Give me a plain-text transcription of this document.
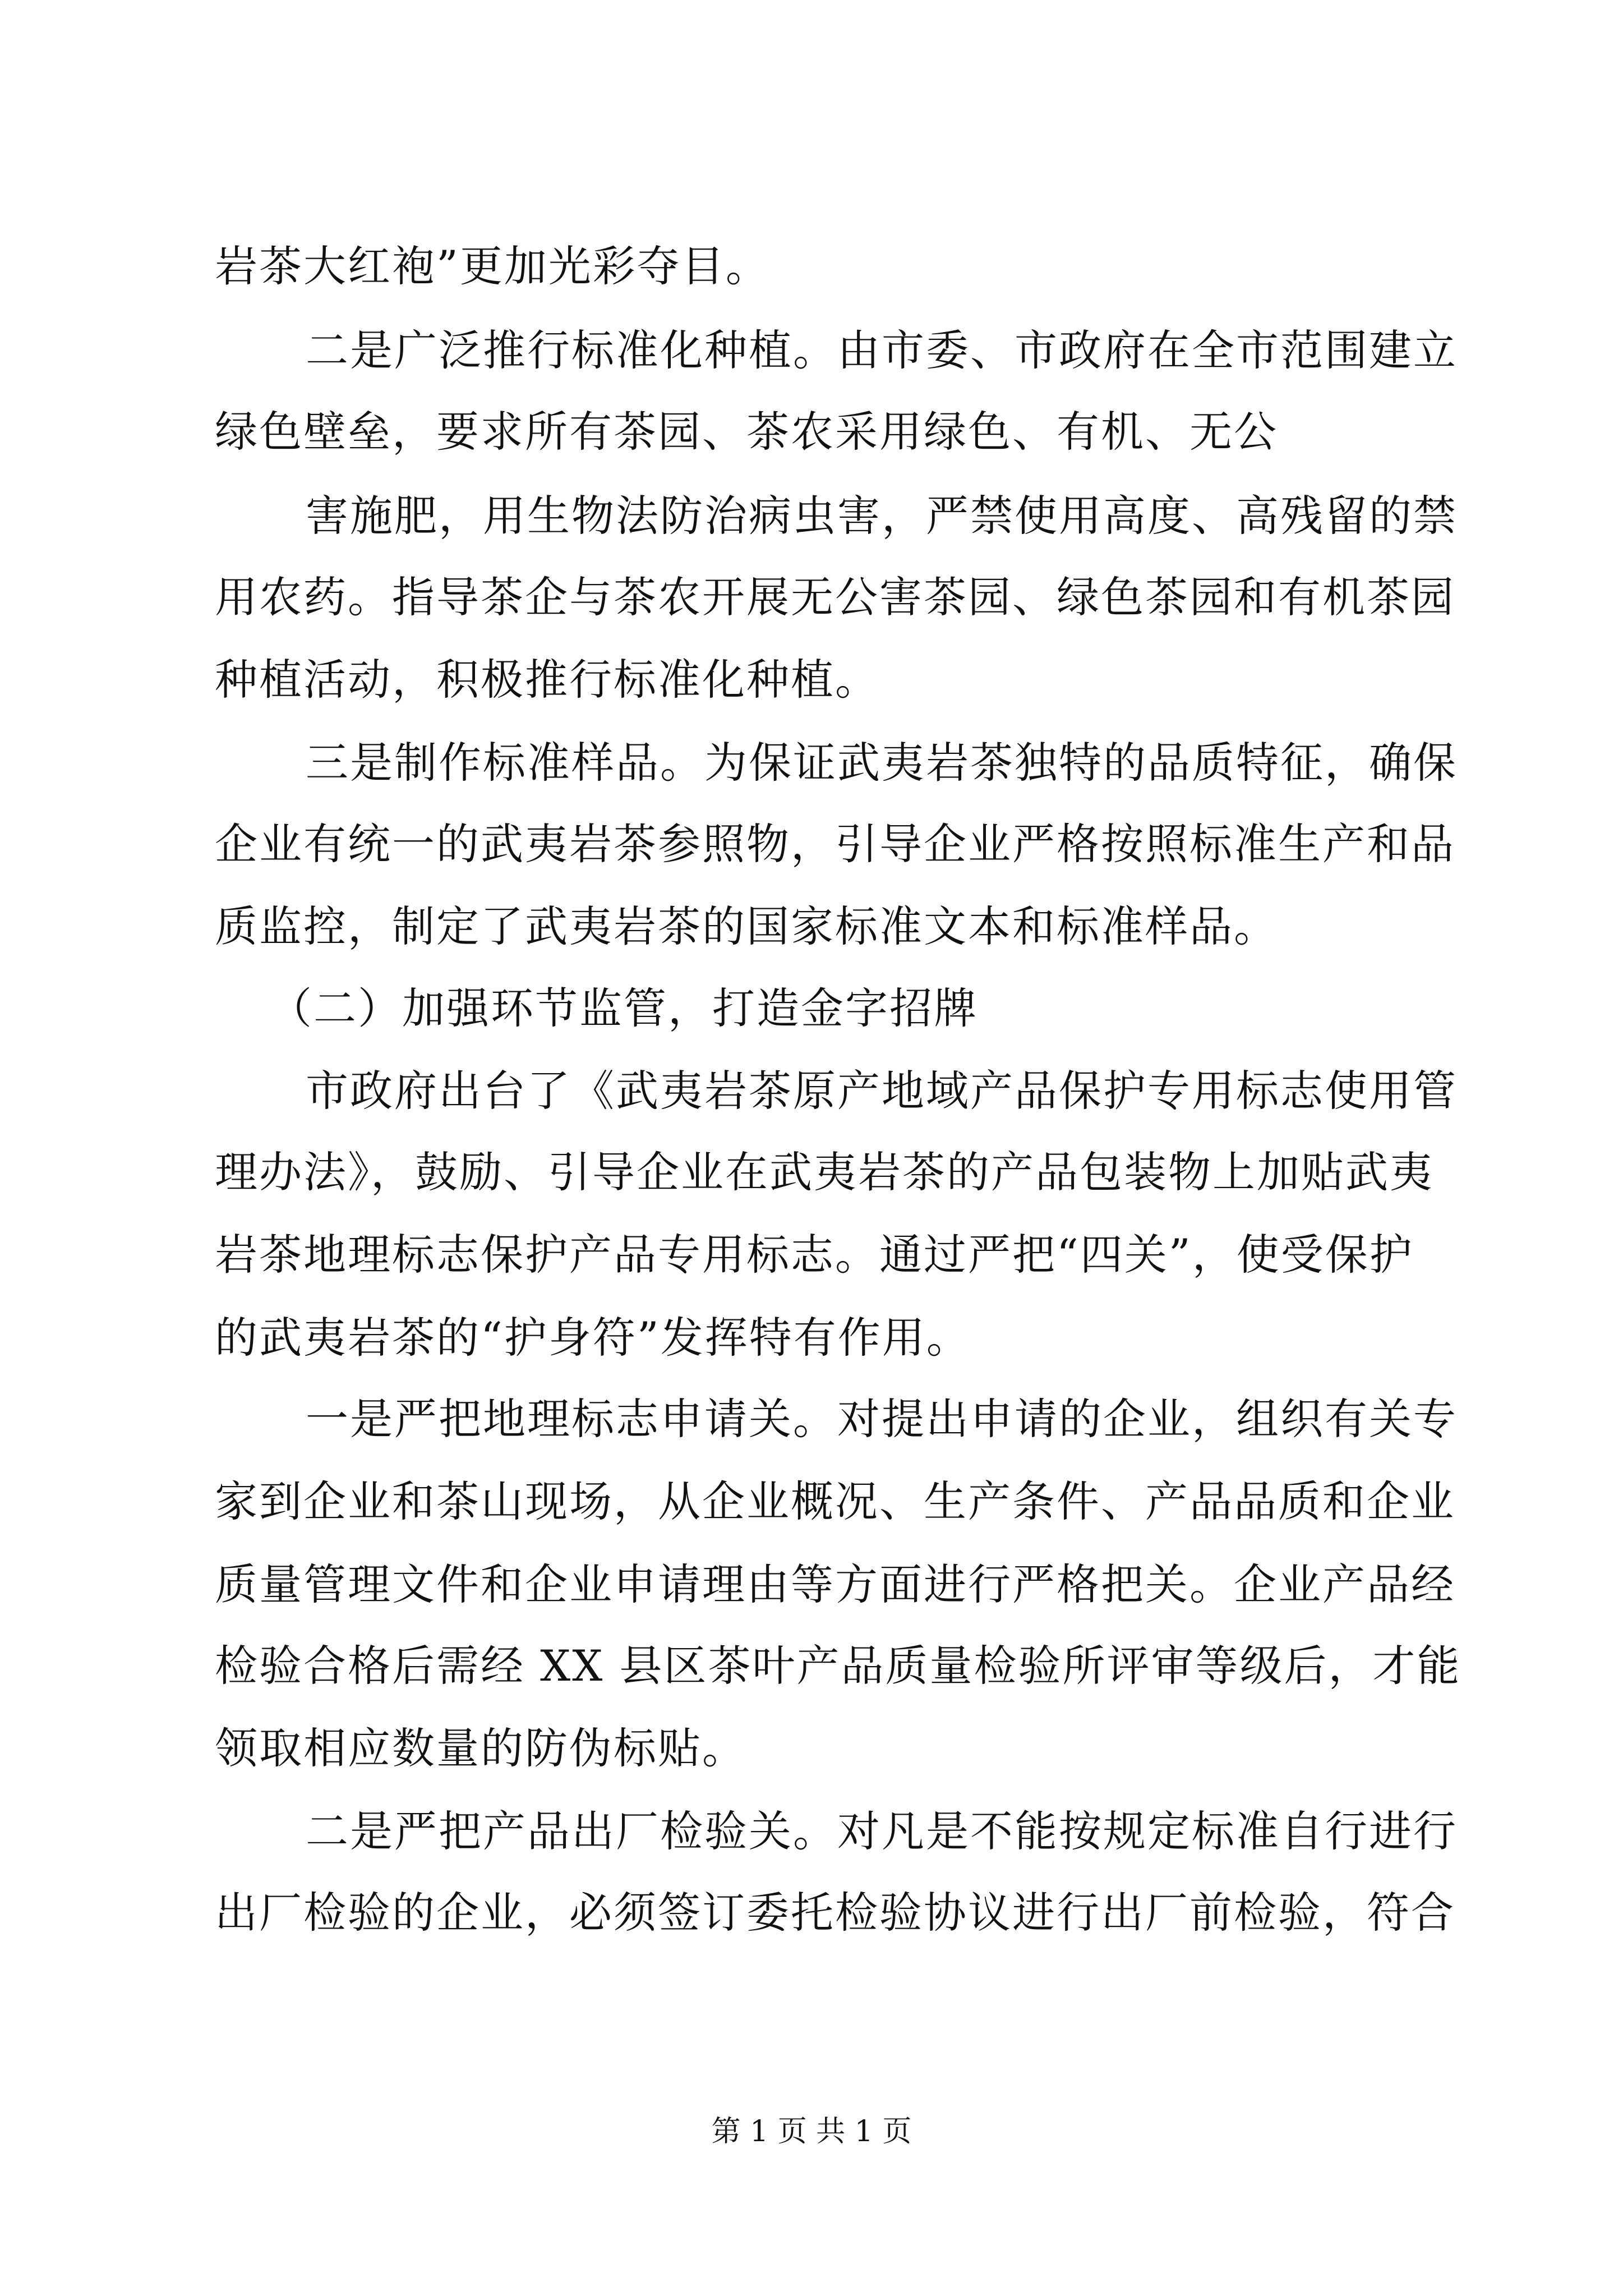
岩茶大红袍”更加光彩夺目。
二是广泛推行标准化种植。由市委、市政府在全市范围建立
绿色壁垒，要求所有茶园、茶农采用绿色、有机、无公
害施肥，用生物法防治病虫害，严禁使用高度、高残留的禁
用农药。指导茶企与茶农开展无公害茶园、绿色茶园和有机茶园
种植活动，积极推行标准化种植。
三是制作标准样品。为保证武夷岩茶独特的品质特征，确保
企业有统一的武夷岩茶参照物，引导企业严格按照标准生产和品
质监控，制定了武夷岩茶的国家标准文本和标准样品。
（二）加强环节监管，打造金字招牌
市政府出台了《武夷岩茶原产地域产品保护专用标志使用管
理办法》，鼓励、引导企业在武夷岩茶的产品包装物上加贴武夷
岩茶地理标志保护产品专用标志。通过严把“四关”，使受保护
的武夷岩茶的“护身符”发挥特有作用。
一是严把地理标志申请关。对提出申请的企业，组织有关专
家到企业和茶山现场，从企业概况、生产条件、产品品质和企业
质量管理文件和企业申请理由等方面进行严格把关。企业产品经
检验合格后需经 XX 县区茶叶产品质量检验所评审等级后，才能
领取相应数量的防伪标贴。
二是严把产品出厂检验关。对凡是不能按规定标准自行进行
出厂检验的企业，必须签订委托检验协议进行出厂前检验，符合
第 1 页 共 1 页
